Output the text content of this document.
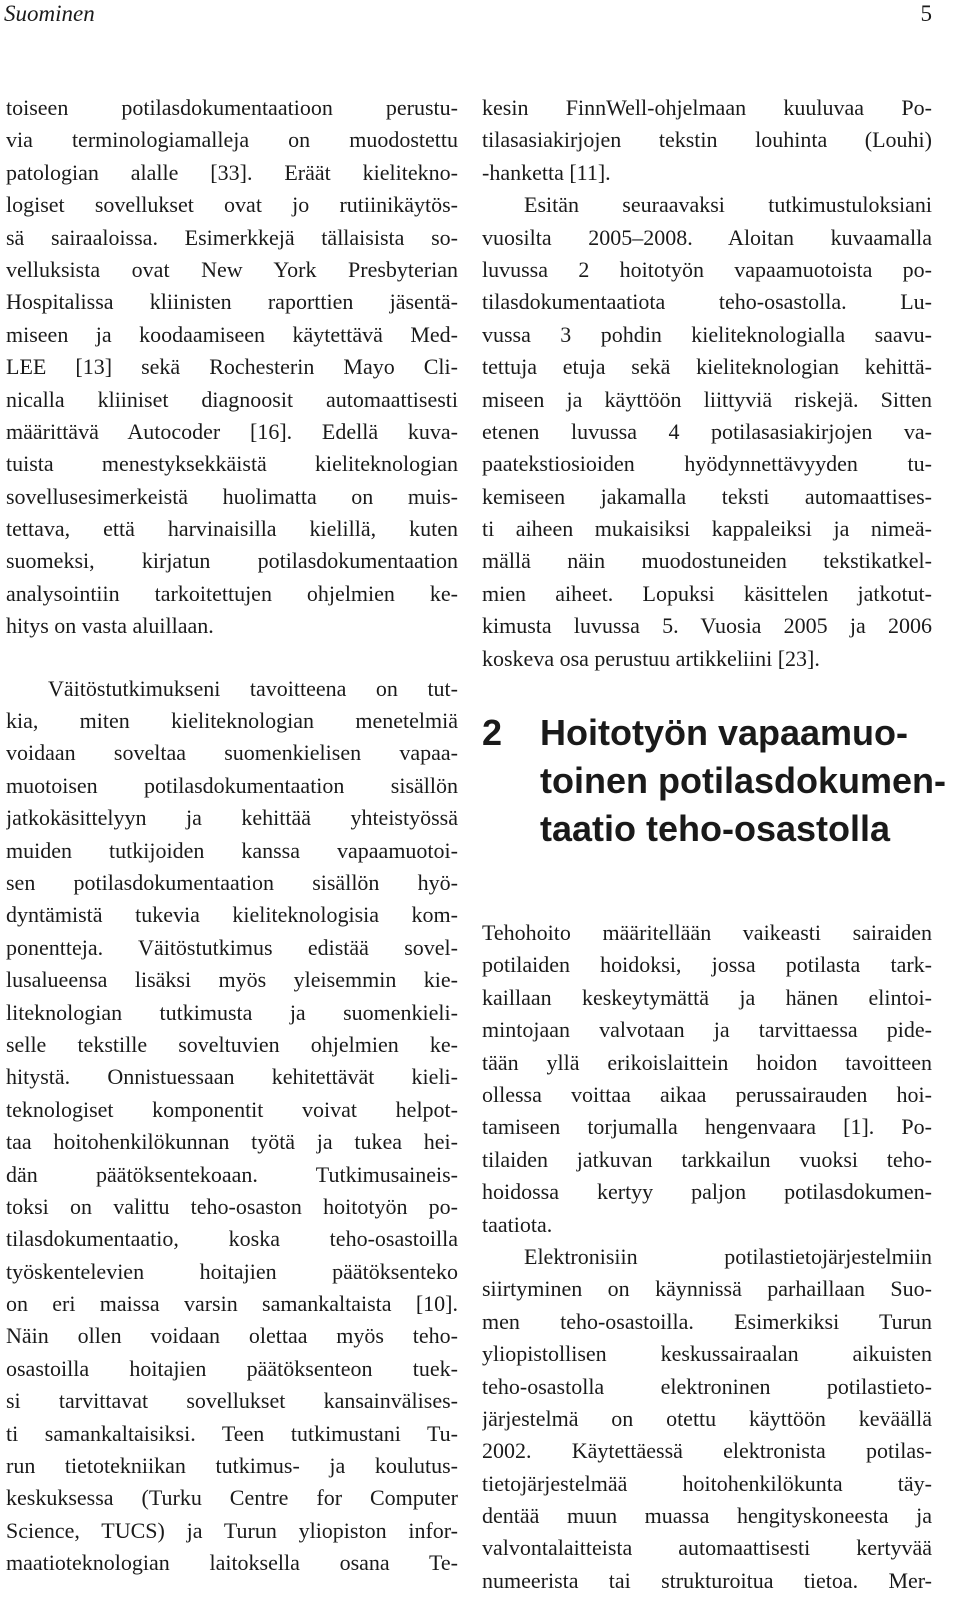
Suominen	5
toiseen potilasdokumentaatioon perustu-
via terminologiamalleja on muodostettu
patologian alalle [33]. Eräät kielitekno-
logiset sovellukset ovat jo rutiinikäytös-
sä sairaaloissa. Esimerkkejä tällaisista so-
velluksista ovat New York Presbyterian
Hospitalissa kliinisten raporttien jäsentä-
miseen ja koodaamiseen käytettävä Med-
LEE [13] sekä Rochesterin Mayo Cli-
nicalla kliiniset diagnoosit automaattisesti
määrittävä Autocoder [16]. Edellä kuva-
tuista menestyksekkäistä kieliteknologian
sovellusesimerkeistä huolimatta on muis-
tettava, että harvinaisilla kielillä, kuten
suomeksi, kirjatun potilasdokumentaation
analysointiin tarkoitettujen ohjelmien ke-
hitys on vasta aluillaan.
Väitöstutkimukseni tavoitteena on tut-
kia, miten kieliteknologian menetelmiä
voidaan soveltaa suomenkielisen vapaa-
muotoisen potilasdokumentaation sisällön
jatkokäsittelyyn ja kehittää yhteistyössä
muiden tutkijoiden kanssa vapaamuotoi-
sen potilasdokumentaation sisällön hyö-
dyntämistä tukevia kieliteknologisia kom-
ponentteja. Väitöstutkimus edistää sovel-
lusalueensa lisäksi myös yleisemmin kie-
liteknologian tutkimusta ja suomenkieli-
selle tekstille soveltuvien ohjelmien ke-
hitystä. Onnistuessaan kehitettävät kieli-
teknologiset komponentit voivat helpot-
taa hoitohenkilökunnan työtä ja tukea hei-
dän päätöksentekoaan. Tutkimusaineis-
toksi on valittu teho-osaston hoitotyön po-
tilasdokumentaatio, koska teho-osastoilla
työskentelevien hoitajien päätöksenteko
on eri maissa varsin samankaltaista [10].
Näin ollen voidaan olettaa myös teho-
osastoilla hoitajien päätöksenteon tuek-
si tarvittavat sovellukset kansainvälises-
ti samankaltaisiksi. Teen tutkimustani Tu-
run tietotekniikan tutkimus- ja koulutus-
keskuksessa (Turku Centre for Computer
Science, TUCS) ja Turun yliopiston infor-
maatioteknologian laitoksella osana Te-
kesin FinnWell-ohjelmaan kuuluvaa Po-
tilasasiakirjojen tekstin louhinta (Louhi)
-hanketta [11].
Esitän seuraavaksi tutkimustuloksiani
vuosilta 2005–2008. Aloitan kuvaamalla
luvussa 2 hoitotyön vapaamuotoista po-
tilasdokumentaatiota teho-osastolla. Lu-
vussa 3 pohdin kieliteknologialla saavu-
tettuja etuja sekä kieliteknologian kehittä-
miseen ja käyttöön liittyviä riskejä. Sitten
etenen luvussa 4 potilasasiakirjojen va-
paatekstiosioiden hyödynnettävyyden tu-
kemiseen jakamalla teksti automaattises-
ti aiheen mukaisiksi kappaleiksi ja nimeä-
mällä näin muodostuneiden tekstikatkel-
mien aiheet. Lopuksi käsittelen jatkotut-
kimusta luvussa 5. Vuosia 2005 ja 2006
koskeva osa perustuu artikkeliini [23].
2 Hoitotyön vapaamuo-
toinen potilasdokumen-
taatio teho-osastolla
Tehohoito määritellään vaikeasti sairaiden
potilaiden hoidoksi, jossa potilasta tark-
kaillaan keskeytymättä ja hänen elintoi-
mintojaan valvotaan ja tarvittaessa pide-
tään yllä erikoislaittein hoidon tavoitteen
ollessa voittaa aikaa perussairauden hoi-
tamiseen torjumalla hengenvaara [1]. Po-
tilaiden jatkuvan tarkkailun vuoksi teho-
hoidossa kertyy paljon potilasdokumen-
taatiota.
Elektronisiin potilastietojärjestelmiin
siirtyminen on käynnissä parhaillaan Suo-
men teho-osastoilla. Esimerkiksi Turun
yliopistollisen keskussairaalan aikuisten
teho-osastolla elektroninen potilastieto-
järjestelmä on otettu käyttöön keväällä
2002. Käytettäessä elektronista potilas-
tietojärjestelmää hoitohenkilökunta täy-
dentää muun muassa hengityskoneesta ja
valvontalaitteista automaattisesti kertyvää
numeerista tai strukturoitua tietoa. Mer-
